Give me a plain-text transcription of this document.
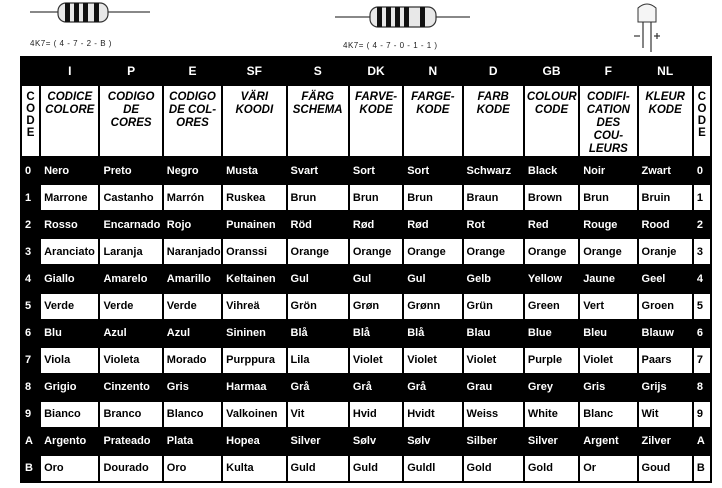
4K7= ( 4 - 7 - 2 - B )	4K7= ( 4 - 7 - 0 - 1 - 1 )
	I	P	E	SF	S	DK	N	D	GB	F	NL	
C
O
D
E	CODICE COLORE	CODIGO DE CORES	CODIGO DE COL-ORES	VÄRI KOODI	FÄRG SCHEMA	FARVE-KODE	FARGE-KODE	FARB KODE	COLOUR CODE	CODIFI-CATION DES COU-LEURS	KLEUR KODE	C
O
D
E

0	Nero	Preto	Negro	Musta	Svart	Sort	Sort	Schwarz	Black	Noir	Zwart	0
1	Marrone	Castanho	Marrón	Ruskea	Brun	Brun	Brun	Braun	Brown	Brun	Bruin	1
2	Rosso	Encarnado	Rojo	Punainen	Röd	Rød	Rød	Rot	Red	Rouge	Rood	2
3	Aranciato	Laranja	Naranjado	Oranssi	Orange	Orange	Orange	Orange	Orange	Orange	Oranje	3
4	Giallo	Amarelo	Amarillo	Keltainen	Gul	Gul	Gul	Gelb	Yellow	Jaune	Geel	4
5	Verde	Verde	Verde	Vihreä	Grön	Grøn	Grønn	Grün	Green	Vert	Groen	5
6	Blu	Azul	Azul	Sininen	Blå	Blå	Blå	Blau	Blue	Bleu	Blauw	6
7	Viola	Violeta	Morado	Purppura	Lila	Violet	Violet	Violet	Purple	Violet	Paars	7
8	Grigio	Cinzento	Gris	Harmaa	Grå	Grå	Grå	Grau	Grey	Gris	Grijs	8
9	Bianco	Branco	Blanco	Valkoinen	Vit	Hvid	Hvidt	Weiss	White	Blanc	Wit	9
A	Argento	Prateado	Plata	Hopea	Silver	Sølv	Sølv	Silber	Silver	Argent	Zilver	A
B	Oro	Dourado	Oro	Kulta	Guld	Guld	Guldl	Gold	Gold	Or	Goud	B
